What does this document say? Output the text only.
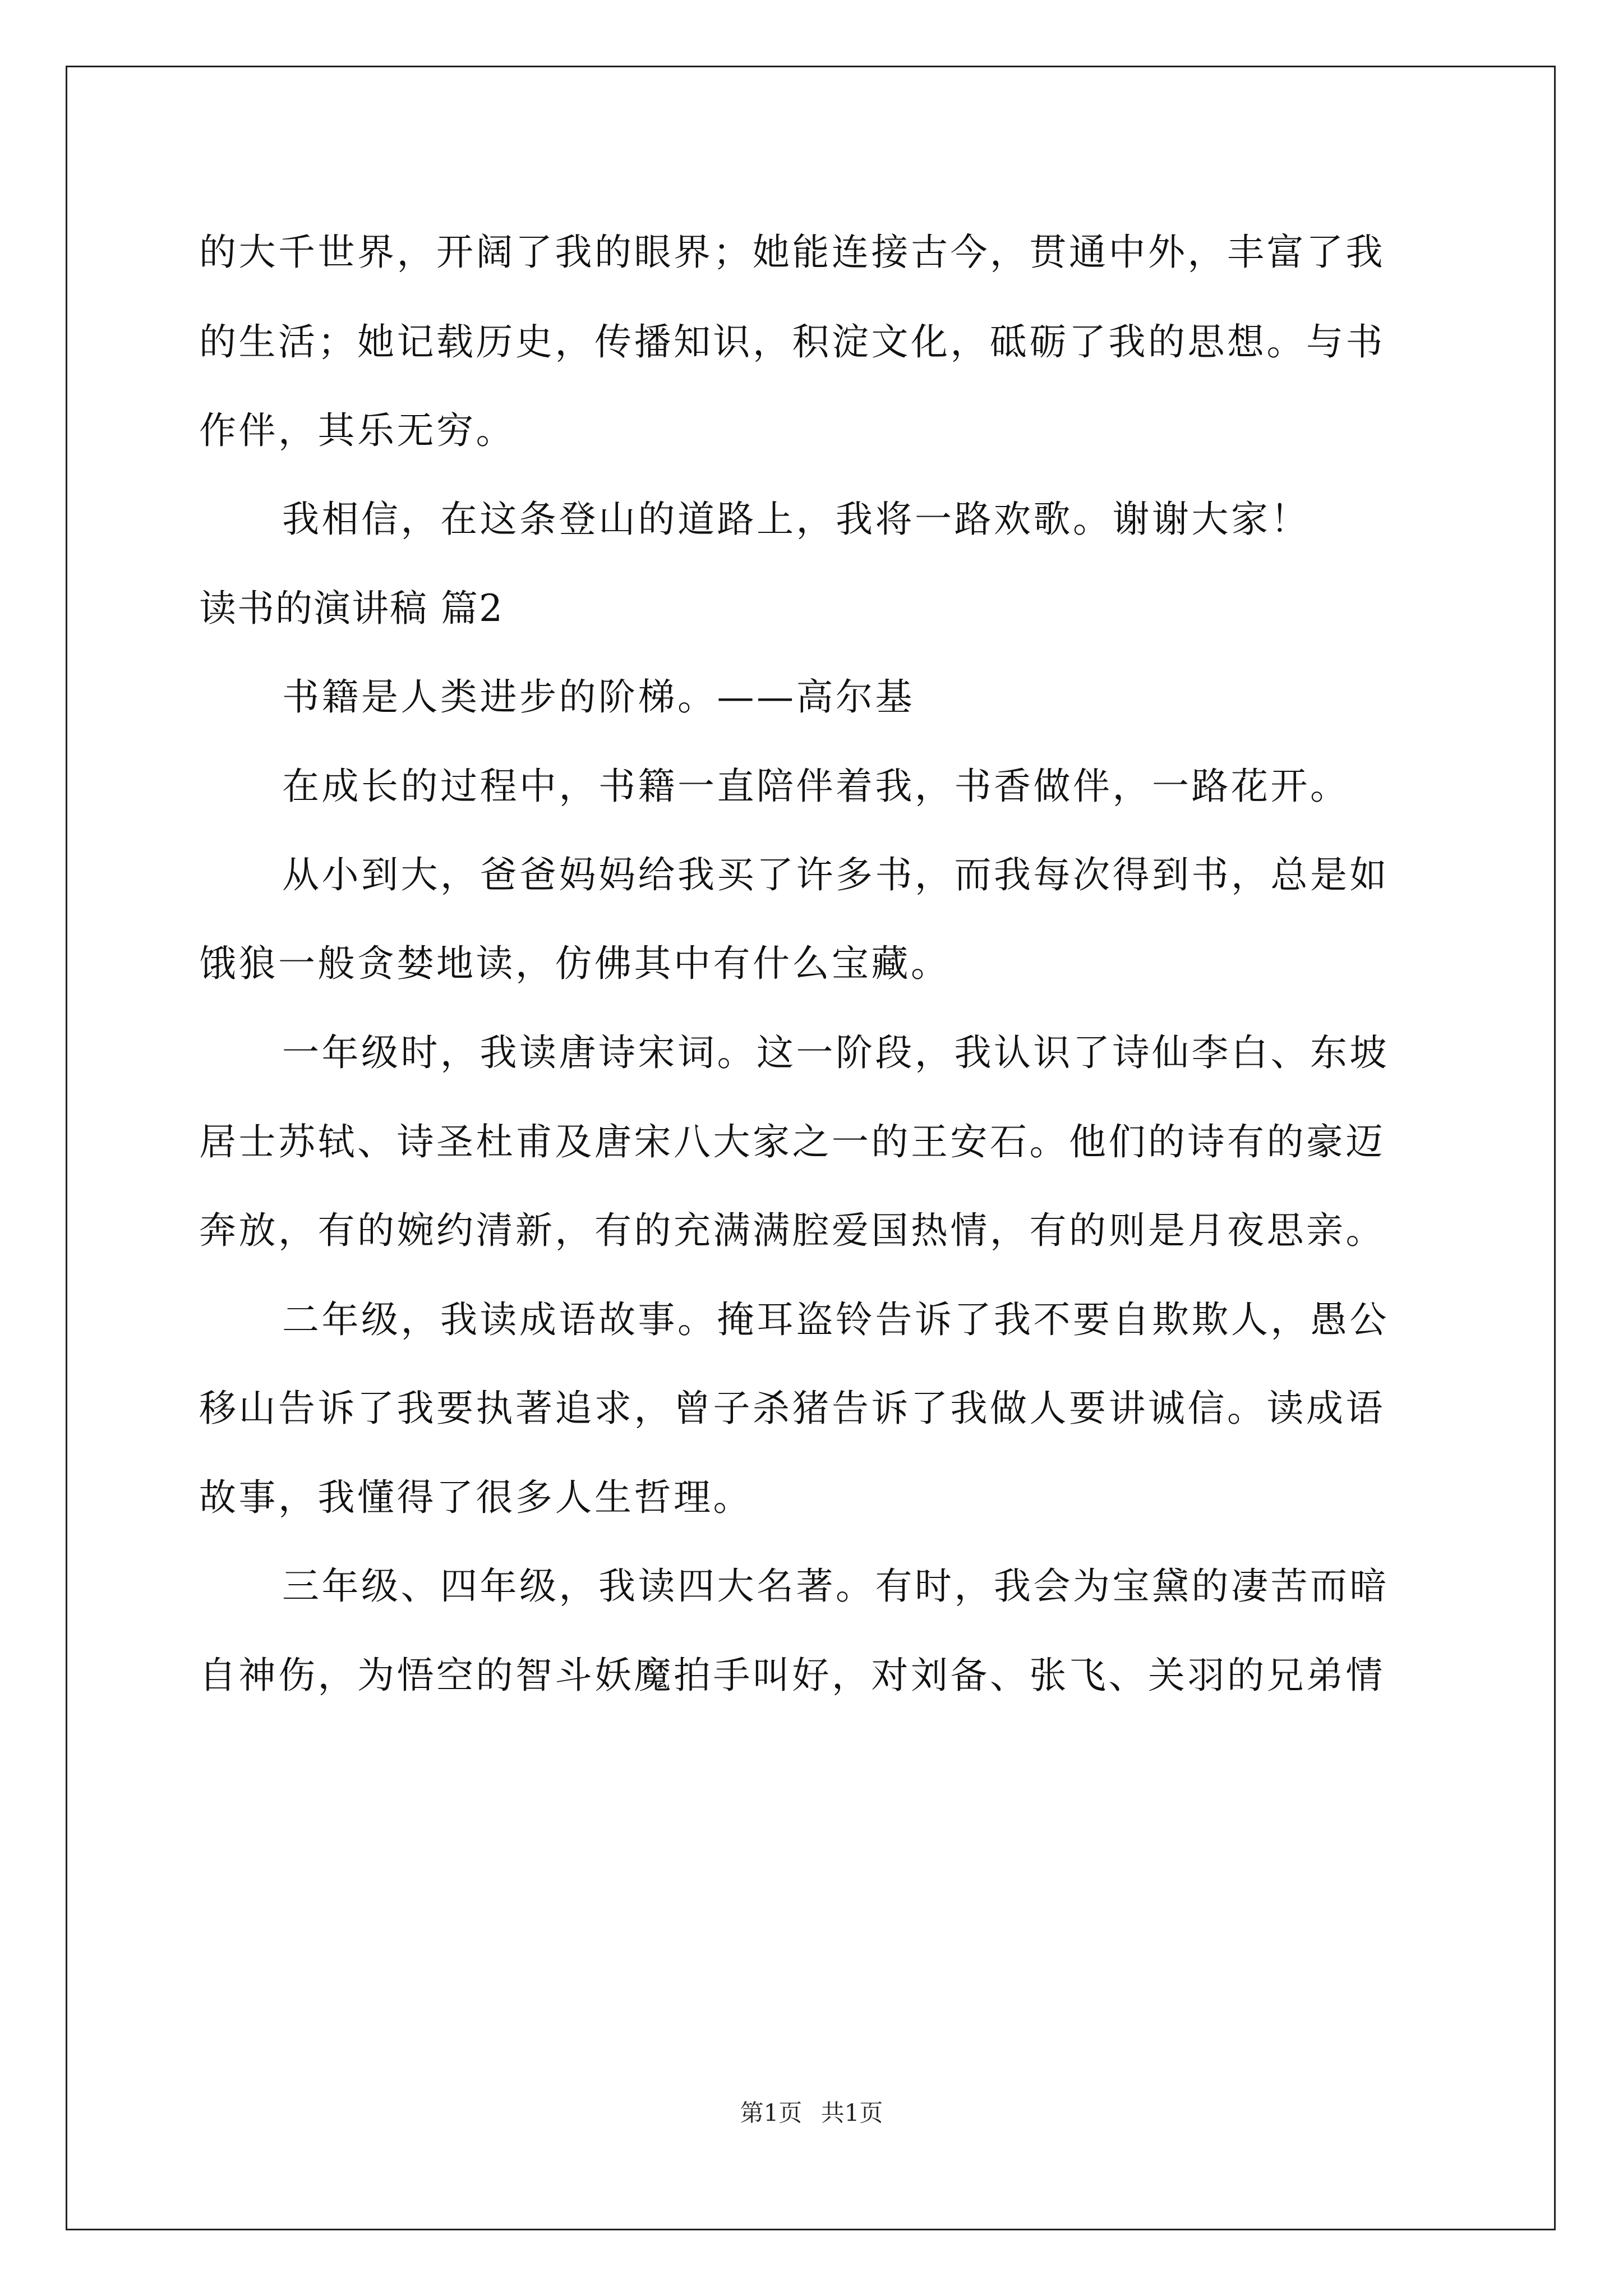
的大千世界，开阔了我的眼界；她能连接古今，贯通中外，丰富了我
的生活；她记载历史，传播知识，积淀文化，砥砺了我的思想。与书
作伴，其乐无穷。
我相信，在这条登山的道路上，我将一路欢歌。谢谢大家！
读书的演讲稿 篇2
书籍是人类进步的阶梯。——高尔基
在成长的过程中，书籍一直陪伴着我，书香做伴，一路花开。
从小到大，爸爸妈妈给我买了许多书，而我每次得到书，总是如
饿狼一般贪婪地读，仿佛其中有什么宝藏。
一年级时，我读唐诗宋词。这一阶段，我认识了诗仙李白、东坡
居士苏轼、诗圣杜甫及唐宋八大家之一的王安石。他们的诗有的豪迈
奔放，有的婉约清新，有的充满满腔爱国热情，有的则是月夜思亲。
二年级，我读成语故事。掩耳盗铃告诉了我不要自欺欺人，愚公
移山告诉了我要执著追求，曾子杀猪告诉了我做人要讲诚信。读成语
故事，我懂得了很多人生哲理。
三年级、四年级，我读四大名著。有时，我会为宝黛的凄苦而暗
自神伤，为悟空的智斗妖魔拍手叫好，对刘备、张飞、关羽的兄弟情
第1页 共1页
